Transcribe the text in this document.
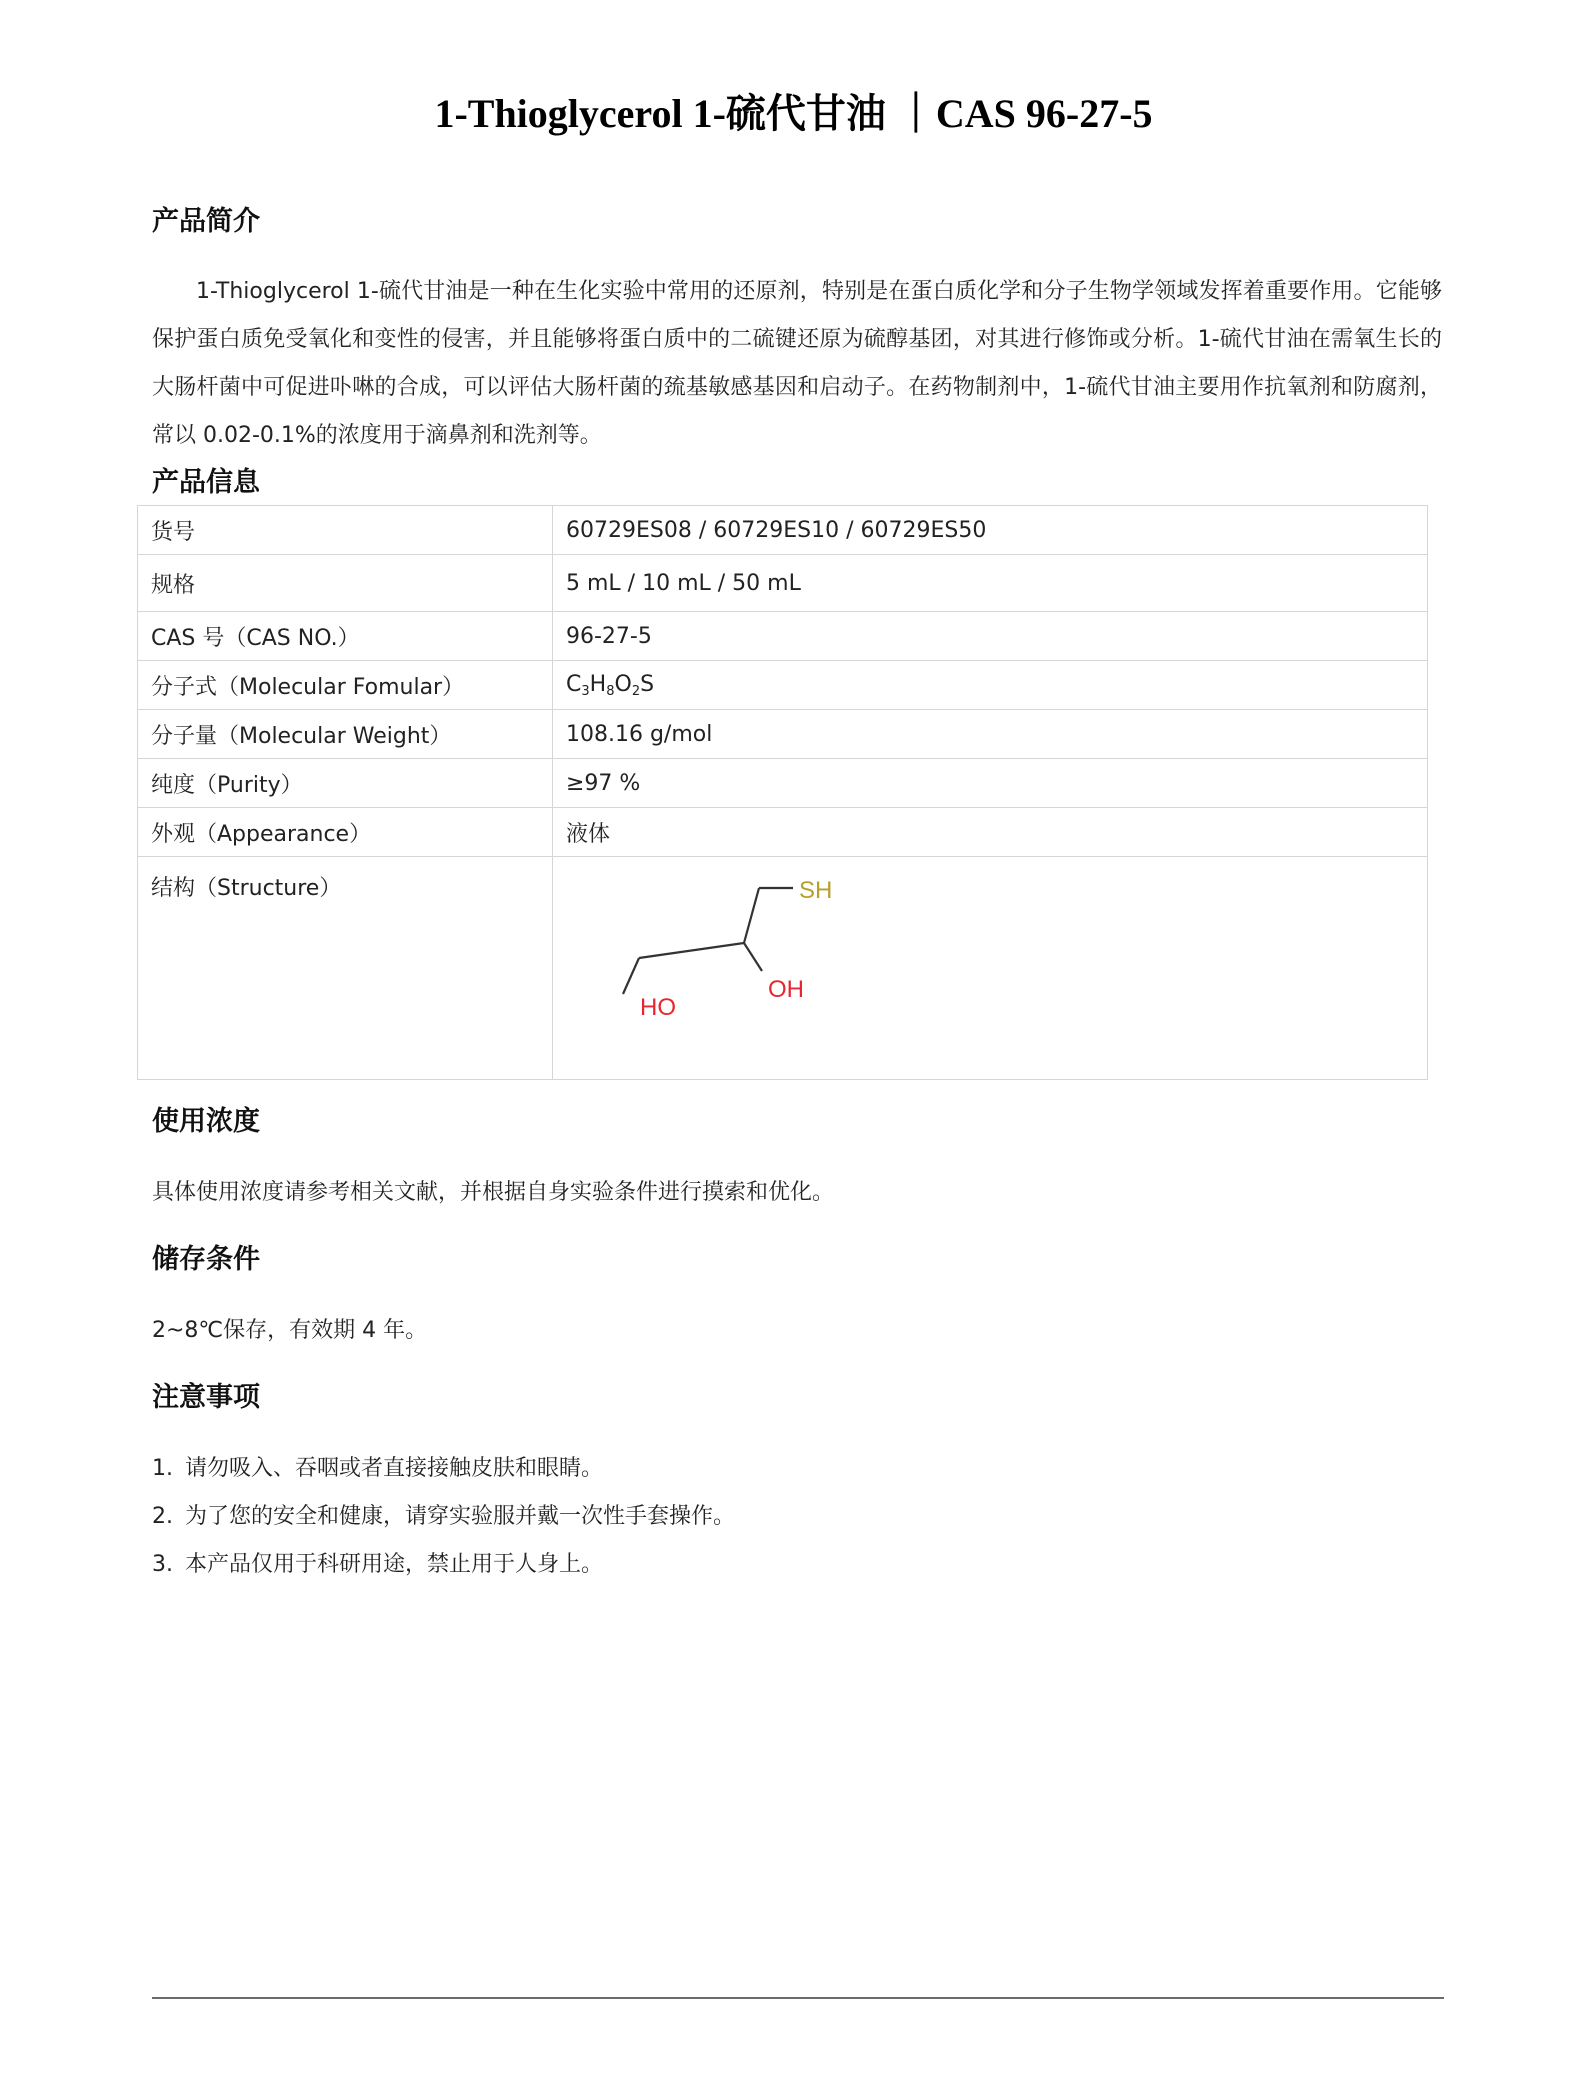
1-Thioglycerol 1-硫代甘油 ｜CAS 96-27-5
产品简介
1-Thioglycerol 1-硫代甘油是一种在生化实验中常用的还原剂，特别是在蛋白质化学和分子生物学领域发挥着重要作用。它能够保护蛋白质免受氧化和变性的侵害，并且能够将蛋白质中的二硫键还原为硫醇基团，对其进行修饰或分析。1-硫代甘油在需氧生长的大肠杆菌中可促进卟啉的合成，可以评估大肠杆菌的巯基敏感基因和启动子。在药物制剂中，1-硫代甘油主要用作抗氧剂和防腐剂，常以 0.02-0.1%的浓度用于滴鼻剂和洗剂等。
产品信息
货号	60729ES08 / 60729ES10 / 60729ES50
规格	5 mL / 10 mL / 50 mL
CAS 号（CAS NO.）	96-27-5
分子式（Molecular Fomular）	$C_3H_8O_2S$
分子量（Molecular Weight）	108.16 g/mol
纯度（Purity）	≥97 %
外观（Appearance）	液体
结构（Structure）	SH
OH
HO
使用浓度
具体使用浓度请参考相关文献，并根据自身实验条件进行摸索和优化。
储存条件
2~8℃保存，有效期 4 年。
注意事项
1. 请勿吸入、吞咽或者直接接触皮肤和眼睛。
2. 为了您的安全和健康，请穿实验服并戴一次性手套操作。
3. 本产品仅用于科研用途，禁止用于人身上。
